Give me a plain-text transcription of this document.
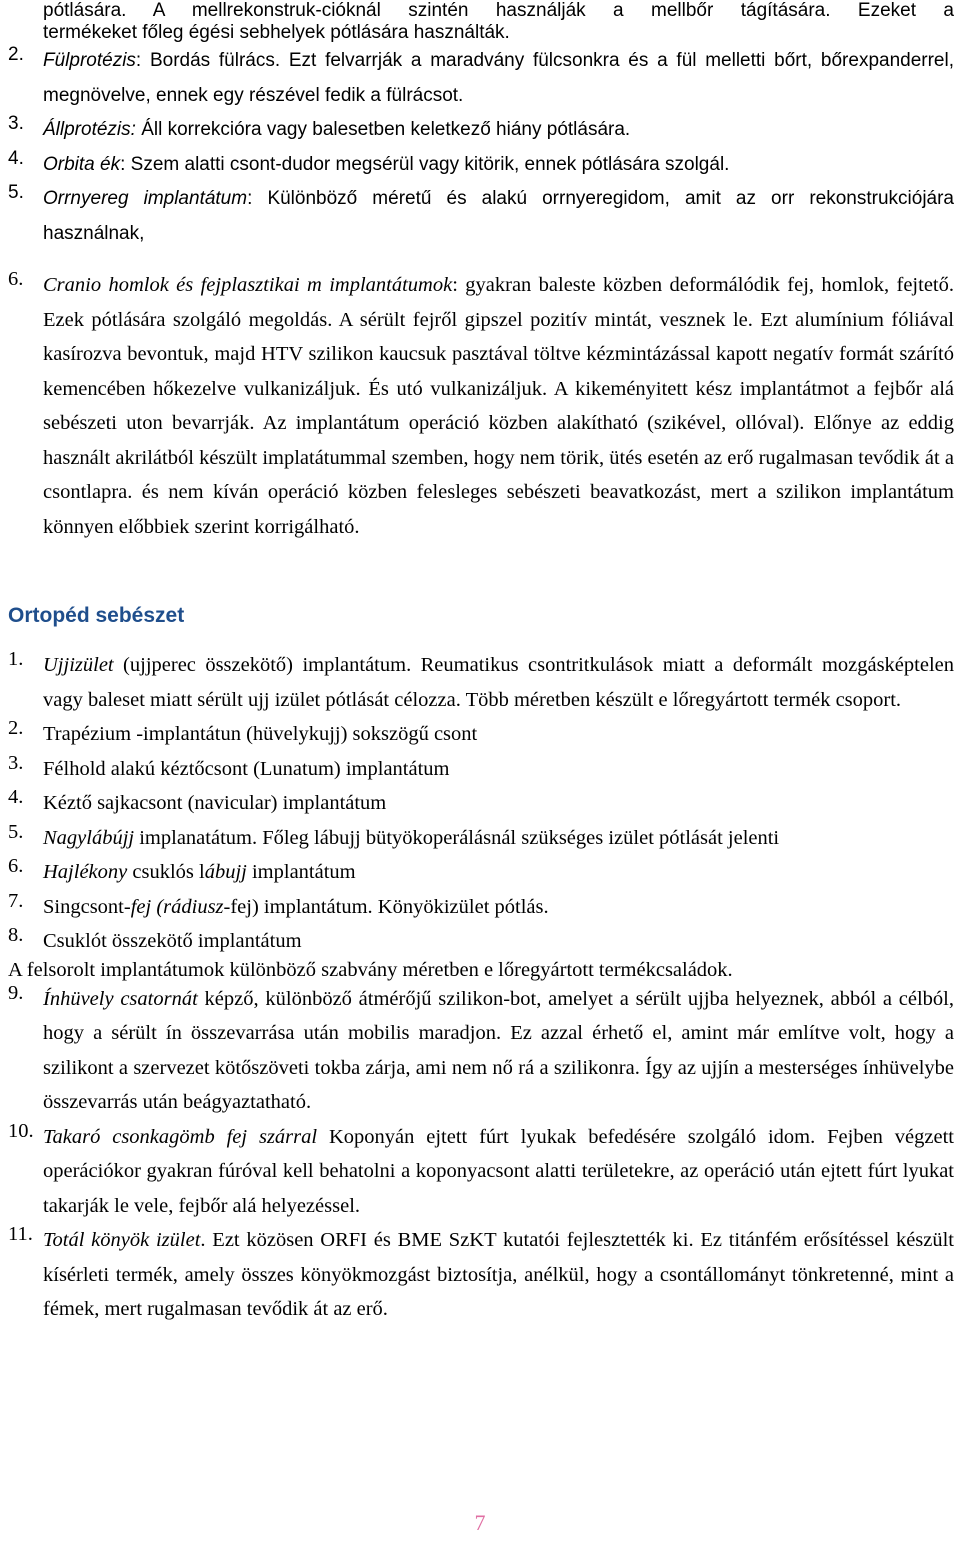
pótlására. A mellrekonstruk-cióknál szintén használják a mellbőr tágítására. Ezeket a
termékeket főleg égési sebhelyek pótlására használták.
2.	Fülprotézis: Bordás fülrács. Ezt felvarrják a maradvány fülcsonkra és a fül melletti bőrt, bőrexpanderrel, megnövelve, ennek egy részével fedik a fülrácsot.
3.	Állprotézis: Áll korrekcióra vagy balesetben keletkező hiány pótlására.
4.	Orbita ék: Szem alatti csont-dudor megsérül vagy kitörik, ennek pótlására szolgál.
5.	Orrnyereg implantátum: Különböző méretű és alakú orrnyeregidom, amit az orr rekonstrukciójára használnak,
6. Cranio homlok és fejplasztikai m implantátumok: gyakran baleste közben deformálódik fej, homlok, fejtető. Ezek pótlására szolgáló megoldás. A sérült fejről gipszel pozitív mintát, vesznek le. Ezt alumínium fóliával kasírozva bevontuk, majd HTV szilikon kaucsuk pasztával töltve kézmintázással kapott negatív formát szárító kemencében hőkezelve vulkanizáljuk. És utó vulkanizáljuk. A kikeményitett kész implantátmot a fejbőr alá sebészeti uton bevarrják. Az implantátum operáció közben alakítható (szikével, ollóval). Előnye az eddig használt akrilátból készült implatátummal szemben, hogy nem törik, ütés esetén az erő rugalmasan tevődik át a csontlapra. és nem kíván operáció közben felesleges sebészeti beavatkozást, mert a szilikon implantátum könnyen előbbiek szerint korrigálható.
Ortopéd sebészet
1. Ujjizület (ujjperec összekötő) implantátum. Reumatikus csontritkulások miatt a deformált mozgásképtelen vagy baleset miatt sérült ujj izület pótlását célozza. Több méretben készült e lőregyártott termék csoport.
2. Trapézium -implantátun (hüvelykujj) sokszögű csont
3. Félhold alakú kéztőcsont (Lunatum) implantátum
4. Kéztő sajkacsont (navicular) implantátum
5. Nagylábújj implanatátum. Főleg lábujj bütyökoperálásnál szükséges izület pótlását jelenti
6. Hajlékony csuklós lábujj implantátum
7. Singcsont-fej (rádiusz-fej) implantátum. Könyökizület pótlás.
8. Csuklót összekötő implantátum
A felsorolt implantátumok különböző szabvány méretben e lőregyártott termékcsaládok.
9. Ínhüvely csatornát képző, különböző átmérőjű szilikon-bot, amelyet a sérült ujjba helyeznek, abból a célból, hogy a sérült ín összevarrása után mobilis maradjon. Ez azzal érhető el, amint már említve volt, hogy a szilikont a szervezet kötőszöveti tokba zárja, ami nem nő rá a szilikonra. Így az ujjín a mesterséges ínhüvelybe összevarrás után beágyaztatható.
10. Takaró csonkagömb fej szárral Koponyán ejtett fúrt lyukak befedésére szolgáló idom. Fejben végzett operációkor gyakran fúróval kell behatolni a koponyacsont alatti területekre, az operáció után ejtett fúrt lyukat takarják le vele, fejbőr alá helyezéssel.
11. Totál könyök izület. Ezt közösen ORFI és BME SzKT kutatói fejlesztették ki. Ez titánfém erősítéssel készült kísérleti termék, amely összes könyökmozgást biztosítja, anélkül, hogy a csontállományt tönkretenné, mint a fémek, mert rugalmasan tevődik át az erő.
7
